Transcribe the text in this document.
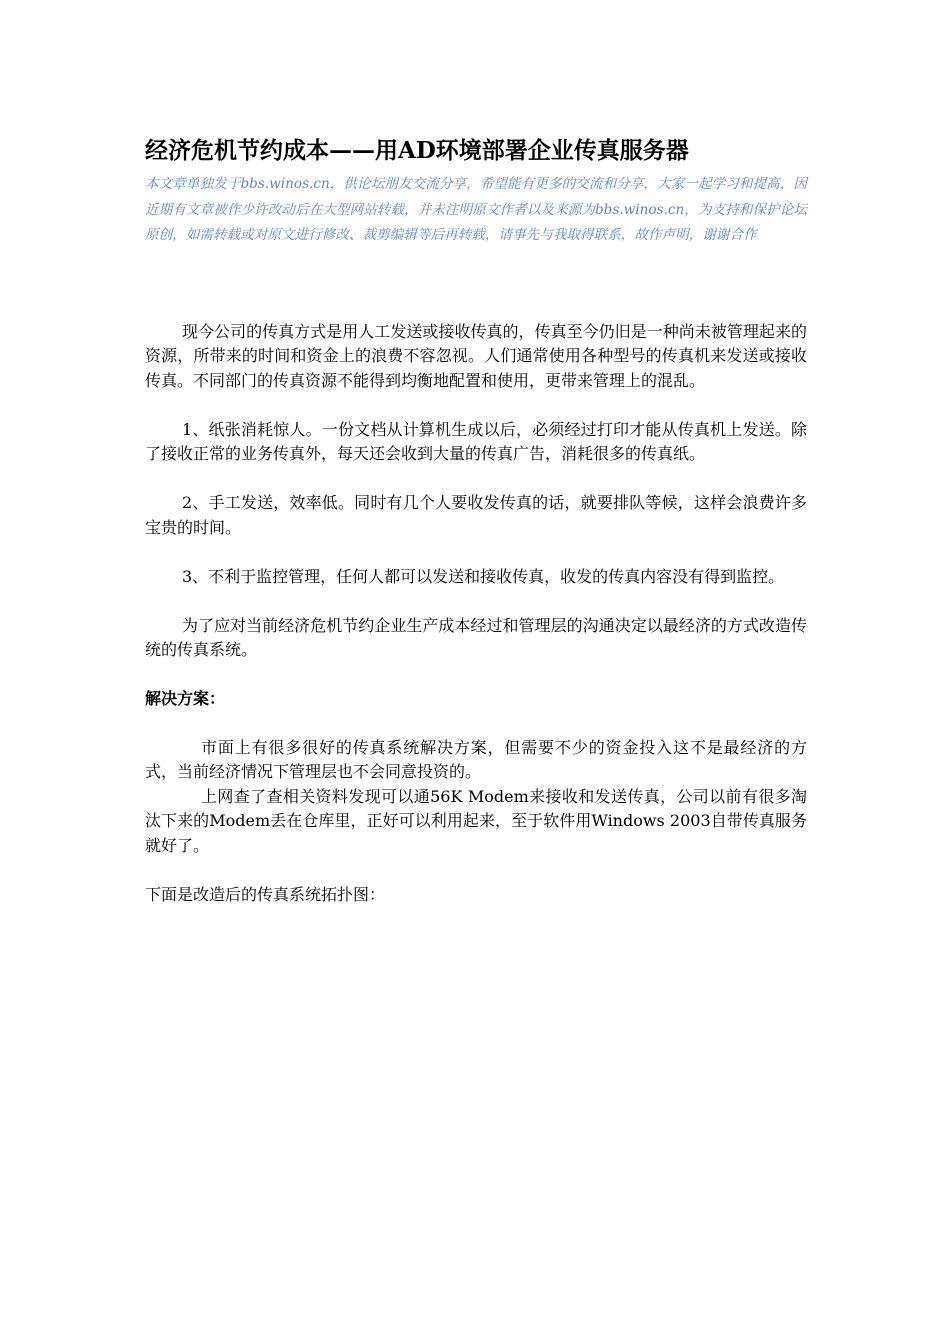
经济危机节约成本——用AD环境部署企业传真服务器

本文章单独发于bbs.winos.cn，供论坛朋友交流分享，希望能有更多的交流和分享，大家一起学习和提高，因近期有文章被作少许改动后在大型网站转载，并未注明原文作者以及来源为bbs.winos.cn，为支持和保护论坛原创，如需转载或对原文进行修改、裁剪编辑等后再转载，请事先与我取得联系，故作声明，谢谢合作

现今公司的传真方式是用人工发送或接收传真的，传真至今仍旧是一种尚未被管理起来的资源，所带来的时间和资金上的浪费不容忽视。人们通常使用各种型号的传真机来发送或接收传真。不同部门的传真资源不能得到均衡地配置和使用，更带来管理上的混乱。

1、纸张消耗惊人。一份文档从计算机生成以后，必须经过打印才能从传真机上发送。除了接收正常的业务传真外，每天还会收到大量的传真广告，消耗很多的传真纸。

2、手工发送，效率低。同时有几个人要收发传真的话，就要排队等候，这样会浪费许多宝贵的时间。

3、不利于监控管理，任何人都可以发送和接收传真，收发的传真内容没有得到监控。

为了应对当前经济危机节约企业生产成本经过和管理层的沟通决定以最经济的方式改造传统的传真系统。

解决方案：

市面上有很多很好的传真系统解决方案，但需要不少的资金投入这不是最经济的方式，当前经济情况下管理层也不会同意投资的。

上网查了查相关资料发现可以通56K Modem来接收和发送传真，公司以前有很多淘汰下来的Modem丢在仓库里，正好可以利用起来，至于软件用Windows 2003自带传真服务就好了。

下面是改造后的传真系统拓扑图：
